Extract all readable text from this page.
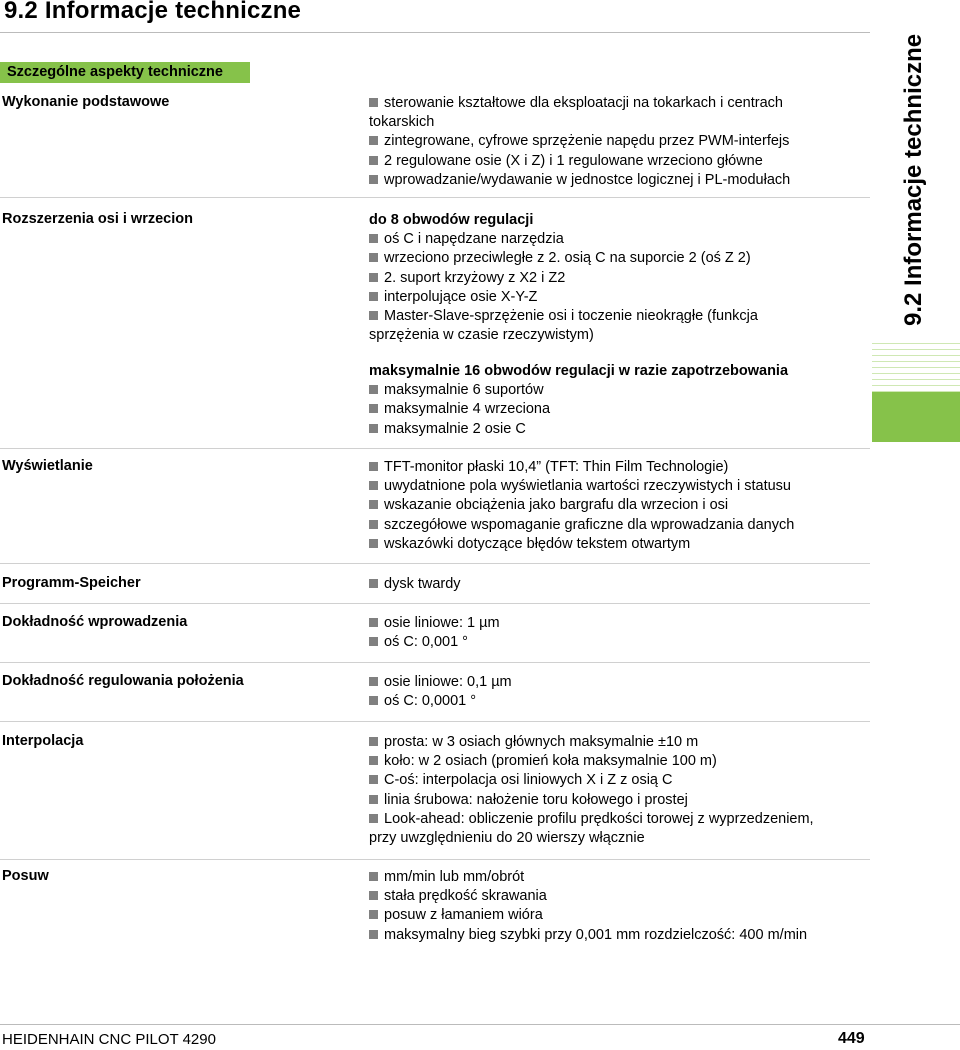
9.2 Informacje techniczne
Szczególne aspekty techniczne	9.2 Informacje techniczne
Wykonanie podstawowe	sterowanie kształtowe dla eksploatacji na tokarkach i centrach
tokarskich
zintegrowane, cyfrowe sprzężenie napędu przez PWM-interfejs
2 regulowane osie (X i Z) i 1 regulowane wrzeciono główne
wprowadzanie/wydawanie w jednostce logicznej i PL-modułach
Rozszerzenia osi i wrzecion	do 8 obwodów regulacji
oś C i napędzane narzędzia
wrzeciono przeciwległe z 2. osią C na suporcie 2 (oś Z 2)
2. suport krzyżowy z X2 i Z2
interpolujące osie X-Y-Z
Master-Slave-sprzężenie osi i toczenie nieokrągłe (funkcja
sprzężenia w czasie rzeczywistym)
maksymalnie 16 obwodów regulacji w razie zapotrzebowania
maksymalnie 6 suportów
maksymalnie 4 wrzeciona
maksymalnie 2 osie C
Wyświetlanie	TFT-monitor płaski 10,4” (TFT: Thin Film Technologie)
uwydatnione pola wyświetlania wartości rzeczywistych i statusu
wskazanie obciążenia jako bargrafu dla wrzecion i osi
szczegółowe wspomaganie graficzne dla wprowadzania danych
wskazówki dotyczące błędów tekstem otwartym
Programm-Speicher	dysk twardy
Dokładność wprowadzenia	osie liniowe: 1 µm
oś C: 0,001 °
Dokładność regulowania położenia	osie liniowe: 0,1 µm
oś C: 0,0001 °
Interpolacja	prosta: w 3 osiach głównych maksymalnie ±10 m
koło: w 2 osiach (promień koła maksymalnie 100 m)
C-oś: interpolacja osi liniowych X i Z z osią C
linia śrubowa: nałożenie toru kołowego i prostej
Look-ahead: obliczenie profilu prędkości torowej z wyprzedzeniem,
przy uwzględnieniu do 20 wierszy włącznie
Posuw	mm/min lub mm/obrót
stała prędkość skrawania
posuw z łamaniem wióra
maksymalny bieg szybki przy 0,001 mm rozdzielczość: 400 m/min
HEIDENHAIN CNC PILOT 4290	449
